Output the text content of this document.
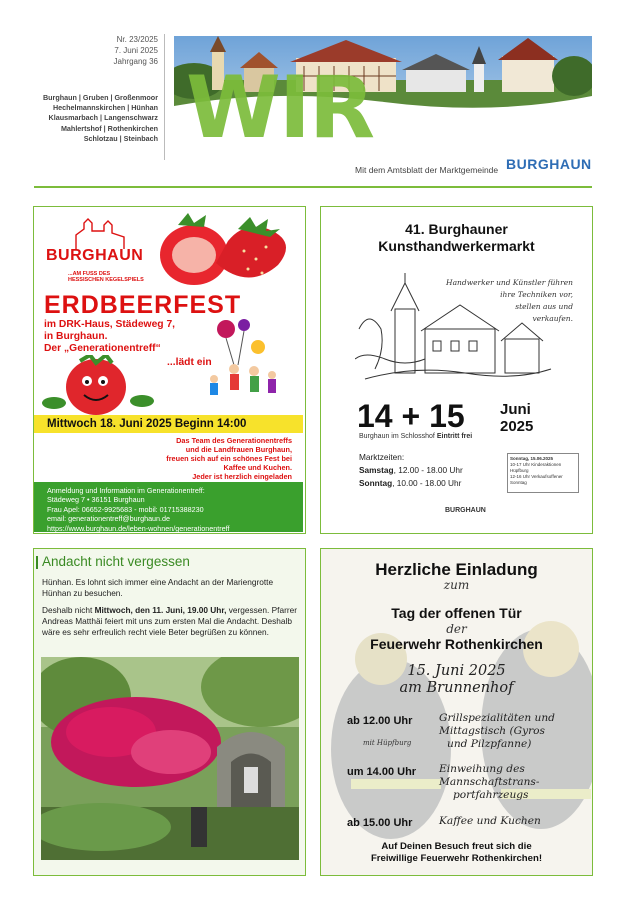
Nr. 23/2025
7. Juni 2025
Jahrgang 36
Burghaun | Gruben | Großenmoor
Hechelmannskirchen | Hünhan
Klausmarbach | Langenschwarz
Mahlertshof | Rothenkirchen
Schlotzau | Steinbach WIR
Mit dem Amtsblatt der Marktgemeinde BURGHAUN
BURGHAUN
...AM FUSS DES
HESSISCHEN KEGELSPIELS
ERDBEERFEST
im DRK-Haus, Städeweg 7,
in Burghaun.
Der „Generationentreff“
...lädt ein
Mittwoch 18. Juni 2025 Beginn 14:00
Das Team des Generationentreffs
und die Landfrauen Burghaun,
freuen sich auf ein schönes Fest bei
Kaffee und Kuchen.
Jeder ist herzlich eingeladen
Anmeldung und Information im Generationentreff:
Städeweg 7 • 36151 Burghaun
Frau Apel: 06652-9925683 - mobil: 01715388230
email: generationentreff@burghaun.de
https://www.burghaun.de/leben-wohnen/generationentreff
41. Burghauner
Kunsthandwerkermarkt
Handwerker und Künstler führen
ihre Techniken vor,
stellen aus und
verkaufen.
14 + 15 Juni
2025
Burghaun im Schlosshof Eintritt frei
Marktzeiten:
Samstag, 12.00 - 18.00 Uhr
Sonntag, 10.00 - 18.00 Uhr
Sonntag, 15.06.2025
10-17 Uhr Kinderaktionen Hüpfburg
12-16 Uhr Verkaufsoffener Sonntag
BURGHAUN
Andacht nicht vergessen

Hünhan. Es lohnt sich immer eine Andacht an der Mariengrotte Hünhan zu besuchen.

Deshalb nicht Mittwoch, den 11. Juni, 19.00 Uhr, vergessen. Pfarrer Andreas Matthäi feiert mit uns zum ersten Mal die Andacht. Deshalb wäre es sehr erfreulich recht viele Beter begrüßen zu können.

Herzliche Einladung
zum
Tag der offenen Tür
der
Feuerwehr Rothenkirchen
15. Juni 2025
am Brunnenhof
ab 12.00 Uhr	Grillspezialitäten und
Mittagstisch (Gyros
und Pilzpfanne)
mit Hüpfburg
um 14.00 Uhr Einweihung des
Mannschaftstrans-
portfahrzeugs
ab 15.00 Uhr	Kaffee und Kuchen
Auf Deinen Besuch freut sich die
Freiwillige Feuerwehr Rothenkirchen!
